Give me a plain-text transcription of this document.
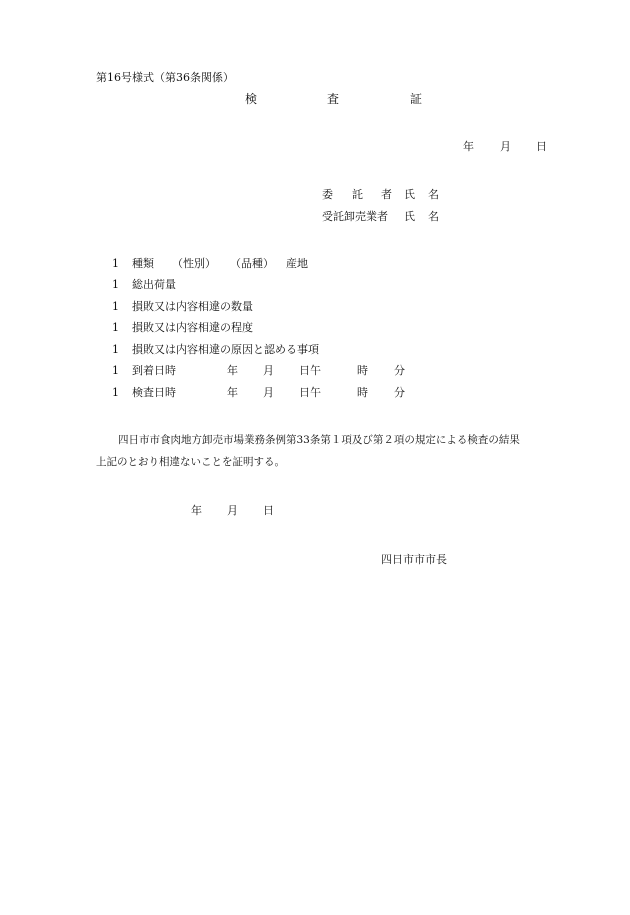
第16号様式（第36条関係）
検	査	証
年 月 日
委 託 者 氏 名
受託卸売業者 氏 名
1 種類 （性別） （品種） 産地
1 総出荷量
1 損敗又は内容相違の数量
1 損敗又は内容相違の程度
1 損敗又は内容相違の原因と認める事項
1 到着日時	年 月 日午	時 分
1 検査日時	年 月 日午	時 分
四日市市食肉地方卸売市場業務条例第33条第１項及び第２項の規定による検査の結果
上記のとおり相違ないことを証明する。
年 月 日
四日市市市長
